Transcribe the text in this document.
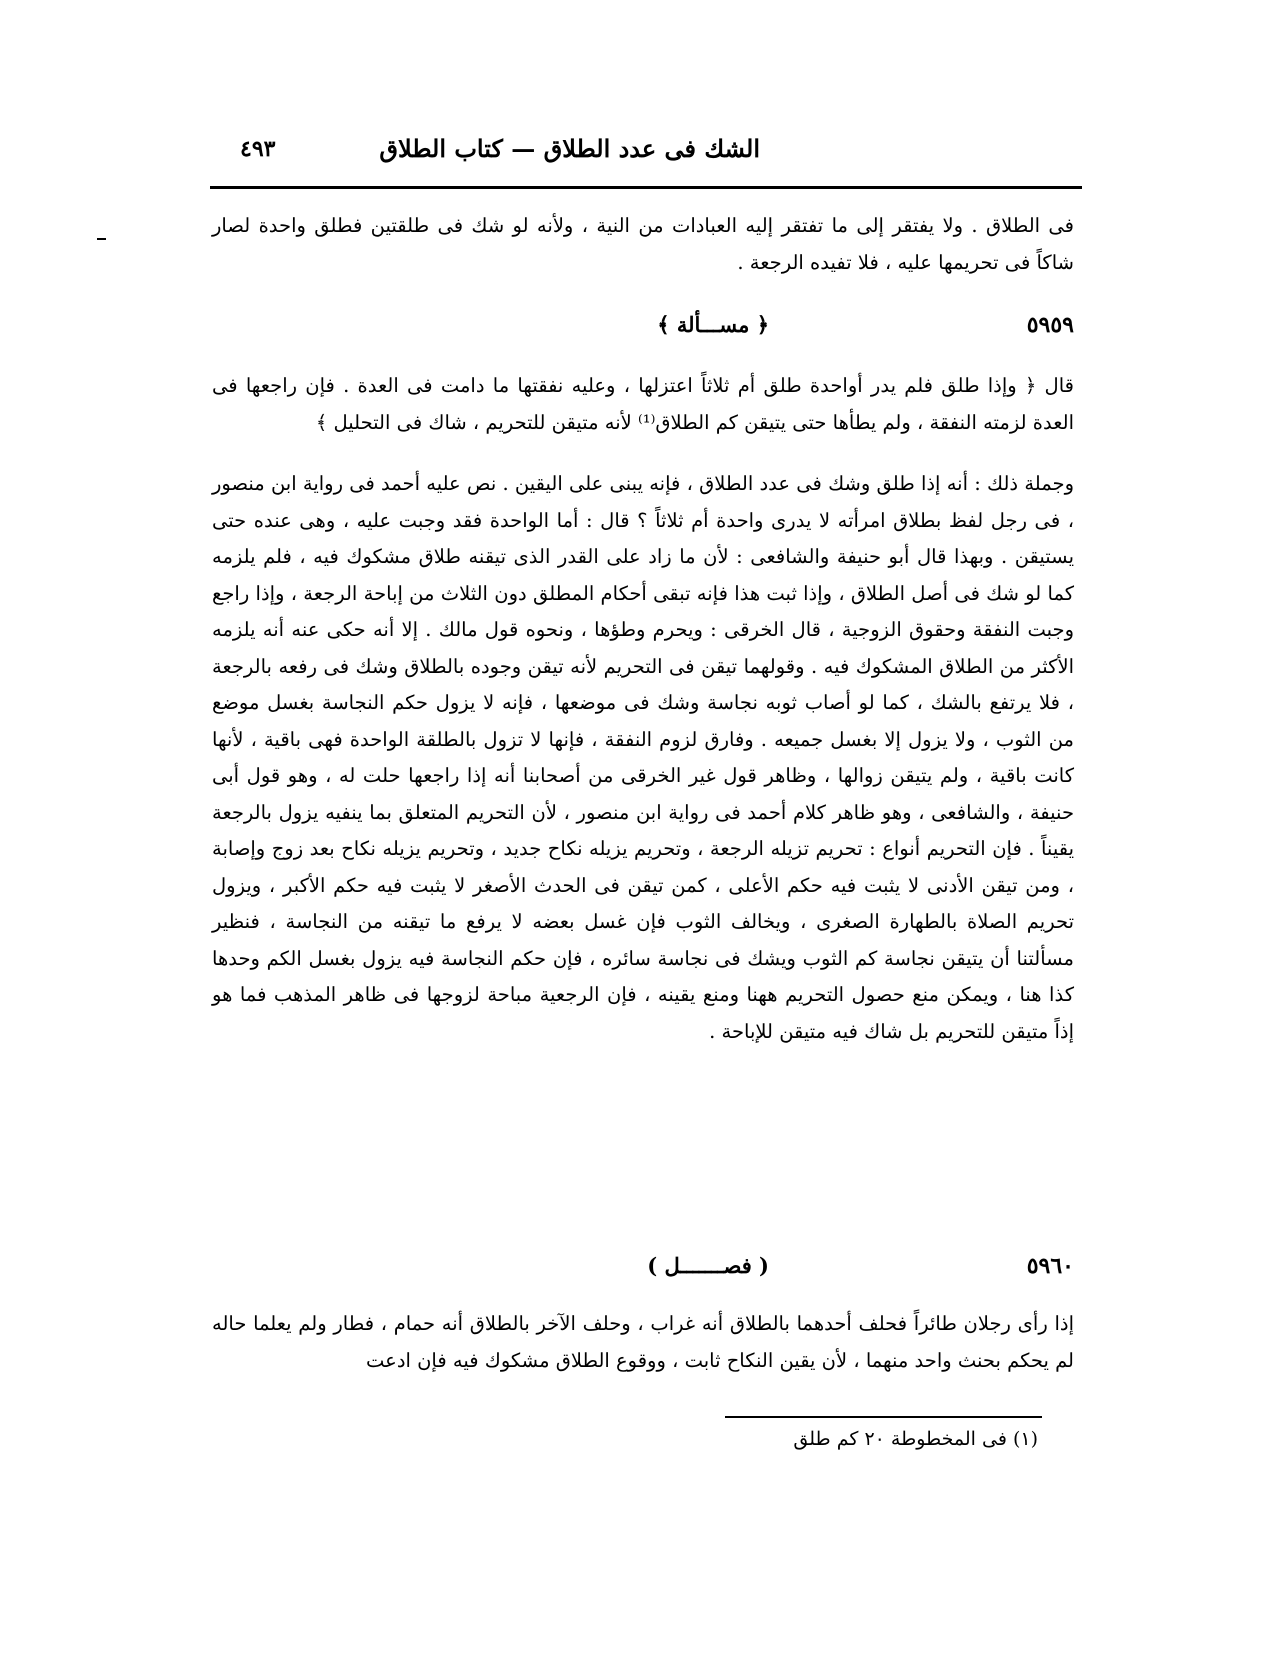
الشك فى عدد الطلاق — كتاب الطلاق
٤٩٣
فى الطلاق . ولا يفتقر إلى ما تفتقر إليه العبادات من النية ، ولأنه لو شك فى طلقتين فطلق واحدة لصار شاكاً فى تحريمها عليه ، فلا تفيده الرجعة .
٥٩٥٩
﴿ مســـألة ﴾
قال ﴿ وإذا طلق فلم يدر أواحدة طلق أم ثلاثاً اعتزلها ، وعليه نفقتها ما دامت فى العدة . فإن راجعها فى العدة لزمته النفقة ، ولم يطأها حتى يتيقن كم الطلاق⁽¹⁾ لأنه متيقن للتحريم ، شاك فى التحليل ﴾
وجملة ذلك : أنه إذا طلق وشك فى عدد الطلاق ، فإنه يبنى على اليقين . نص عليه أحمد فى رواية ابن منصور ، فى رجل لفظ بطلاق امرأته لا يدرى واحدة أم ثلاثاً ؟ قال : أما الواحدة فقد وجبت عليه ، وهى عنده حتى يستيقن . وبهذا قال أبو حنيفة والشافعى : لأن ما زاد على القدر الذى تيقنه طلاق مشكوك فيه ، فلم يلزمه كما لو شك فى أصل الطلاق ، وإذا ثبت هذا فإنه تبقى أحكام المطلق دون الثلاث من إباحة الرجعة ، وإذا راجع وجبت النفقة وحقوق الزوجية ، قال الخرقى : ويحرم وطؤها ، ونحوه قول مالك . إلا أنه حكى عنه أنه يلزمه الأكثر من الطلاق المشكوك فيه . وقولهما تيقن فى التحريم لأنه تيقن وجوده بالطلاق وشك فى رفعه بالرجعة ، فلا يرتفع بالشك ، كما لو أصاب ثوبه نجاسة وشك فى موضعها ، فإنه لا يزول حكم النجاسة بغسل موضع من الثوب ، ولا يزول إلا بغسل جميعه . وفارق لزوم النفقة ، فإنها لا تزول بالطلقة الواحدة فهى باقية ، لأنها كانت باقية ، ولم يتيقن زوالها ، وظاهر قول غير الخرقى من أصحابنا أنه إذا راجعها حلت له ، وهو قول أبى حنيفة ، والشافعى ، وهو ظاهر كلام أحمد فى رواية ابن منصور ، لأن التحريم المتعلق بما ينفيه يزول بالرجعة يقيناً . فإن التحريم أنواع : تحريم تزيله الرجعة ، وتحريم يزيله نكاح جديد ، وتحريم يزيله نكاح بعد زوج وإصابة ، ومن تيقن الأدنى لا يثبت فيه حكم الأعلى ، كمن تيقن فى الحدث الأصغر لا يثبت فيه حكم الأكبر ، ويزول تحريم الصلاة بالطهارة الصغرى ، ويخالف الثوب فإن غسل بعضه لا يرفع ما تيقنه من النجاسة ، فنظير مسألتنا أن يتيقن نجاسة كم الثوب ويشك فى نجاسة سائره ، فإن حكم النجاسة فيه يزول بغسل الكم وحدها كذا هنا ، ويمكن منع حصول التحريم ههنا ومنع يقينه ، فإن الرجعية مباحة لزوجها فى ظاهر المذهب فما هو إذاً متيقن للتحريم بل شاك فيه متيقن للإباحة .
٥٩٦٠
( فصـــــــل )
إذا رأى رجلان طائراً فحلف أحدهما بالطلاق أنه غراب ، وحلف الآخر بالطلاق أنه حمام ، فطار ولم يعلما حاله لم يحكم بحنث واحد منهما ، لأن يقين النكاح ثابت ، ووقوع الطلاق مشكوك فيه فإن ادعت
(١) فى المخطوطة ٢٠ كم طلق
